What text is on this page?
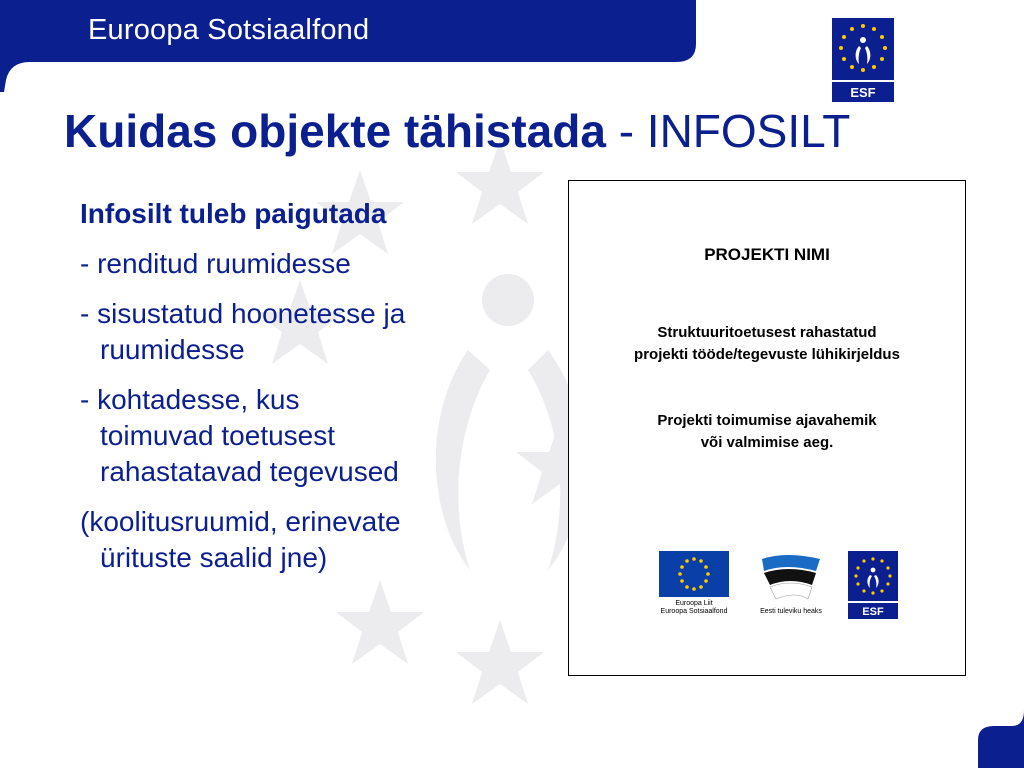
Euroopa Sotsiaalfond
ESF
Kuidas objekte tähistada - INFOSILT
Infosilt tuleb paigutada
- renditud ruumidesse
- sisustatud hoonetesse ja
ruumidesse
- kohtadesse, kus
toimuvad toetusest
rahastatavad tegevused
(koolitusruumid, erinevate
ürituste saalid jne)
PROJEKTI NIMI
Struktuuritoetusest rahastatud
projekti tööde/tegevuste lühikirjeldus
Projekti toimumise ajavahemik
või valmimise aeg.
Euroopa Liit
Euroopa Sotsiaalfond	Eesti tuleviku heaks	ESF
